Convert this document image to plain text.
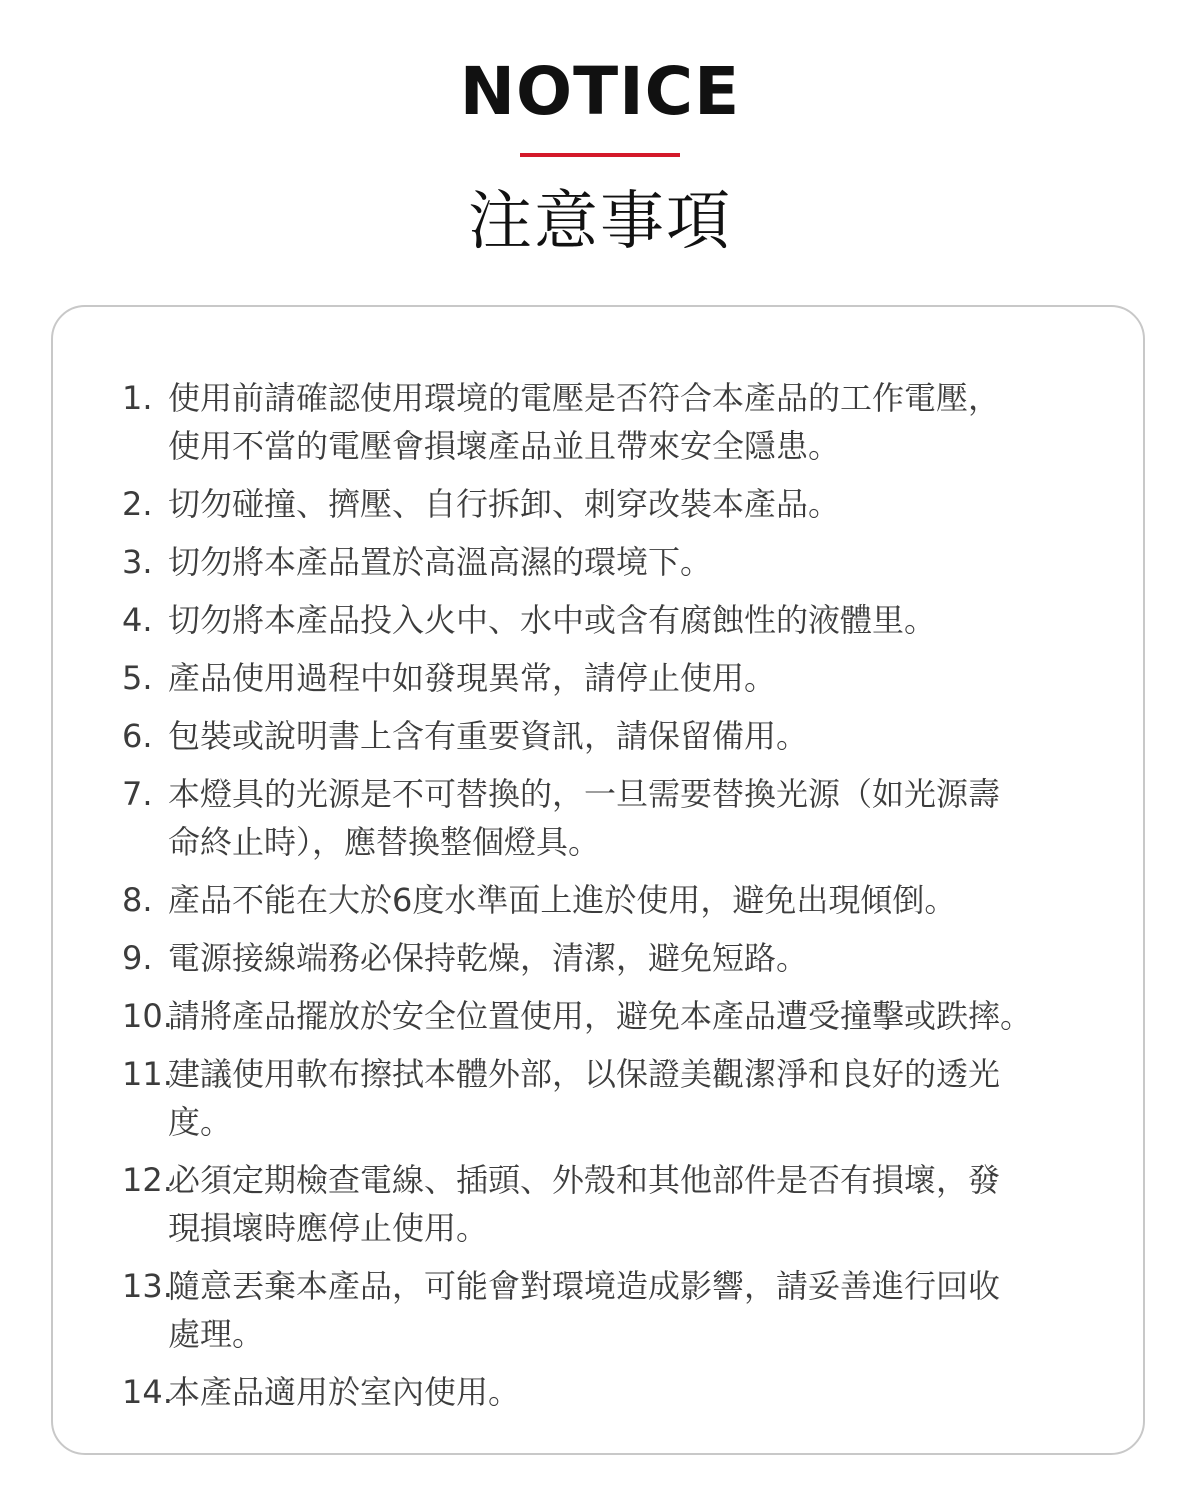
NOTICE
注意事項
1. 使用前請確認使用環境的電壓是否符合本產品的工作電壓，
使用不當的電壓會損壞產品並且帶來安全隱患。
2. 切勿碰撞、擠壓、自行拆卸、刺穿改裝本產品。
3. 切勿將本產品置於高溫高濕的環境下。
4. 切勿將本產品投入火中、水中或含有腐蝕性的液體里。
5. 產品使用過程中如發現異常，請停止使用。
6. 包裝或說明書上含有重要資訊，請保留備用。
7. 本燈具的光源是不可替換的，一旦需要替換光源（如光源壽
命終止時），應替換整個燈具。
8. 產品不能在大於6度水準面上進於使用，避免出現傾倒。
9. 電源接線端務必保持乾燥，清潔，避免短路。
10.
請將產品擺放於安全位置使用，避免本產品遭受撞擊或跌摔。
11.
建議使用軟布擦拭本體外部，以保證美觀潔淨和良好的透光
度。
12.
必須定期檢查電線、插頭、外殼和其他部件是否有損壞，發
現損壞時應停止使用。
13.
隨意丟棄本產品，可能會對環境造成影響，請妥善進行回收
處理。
14.
本產品適用於室內使用。
